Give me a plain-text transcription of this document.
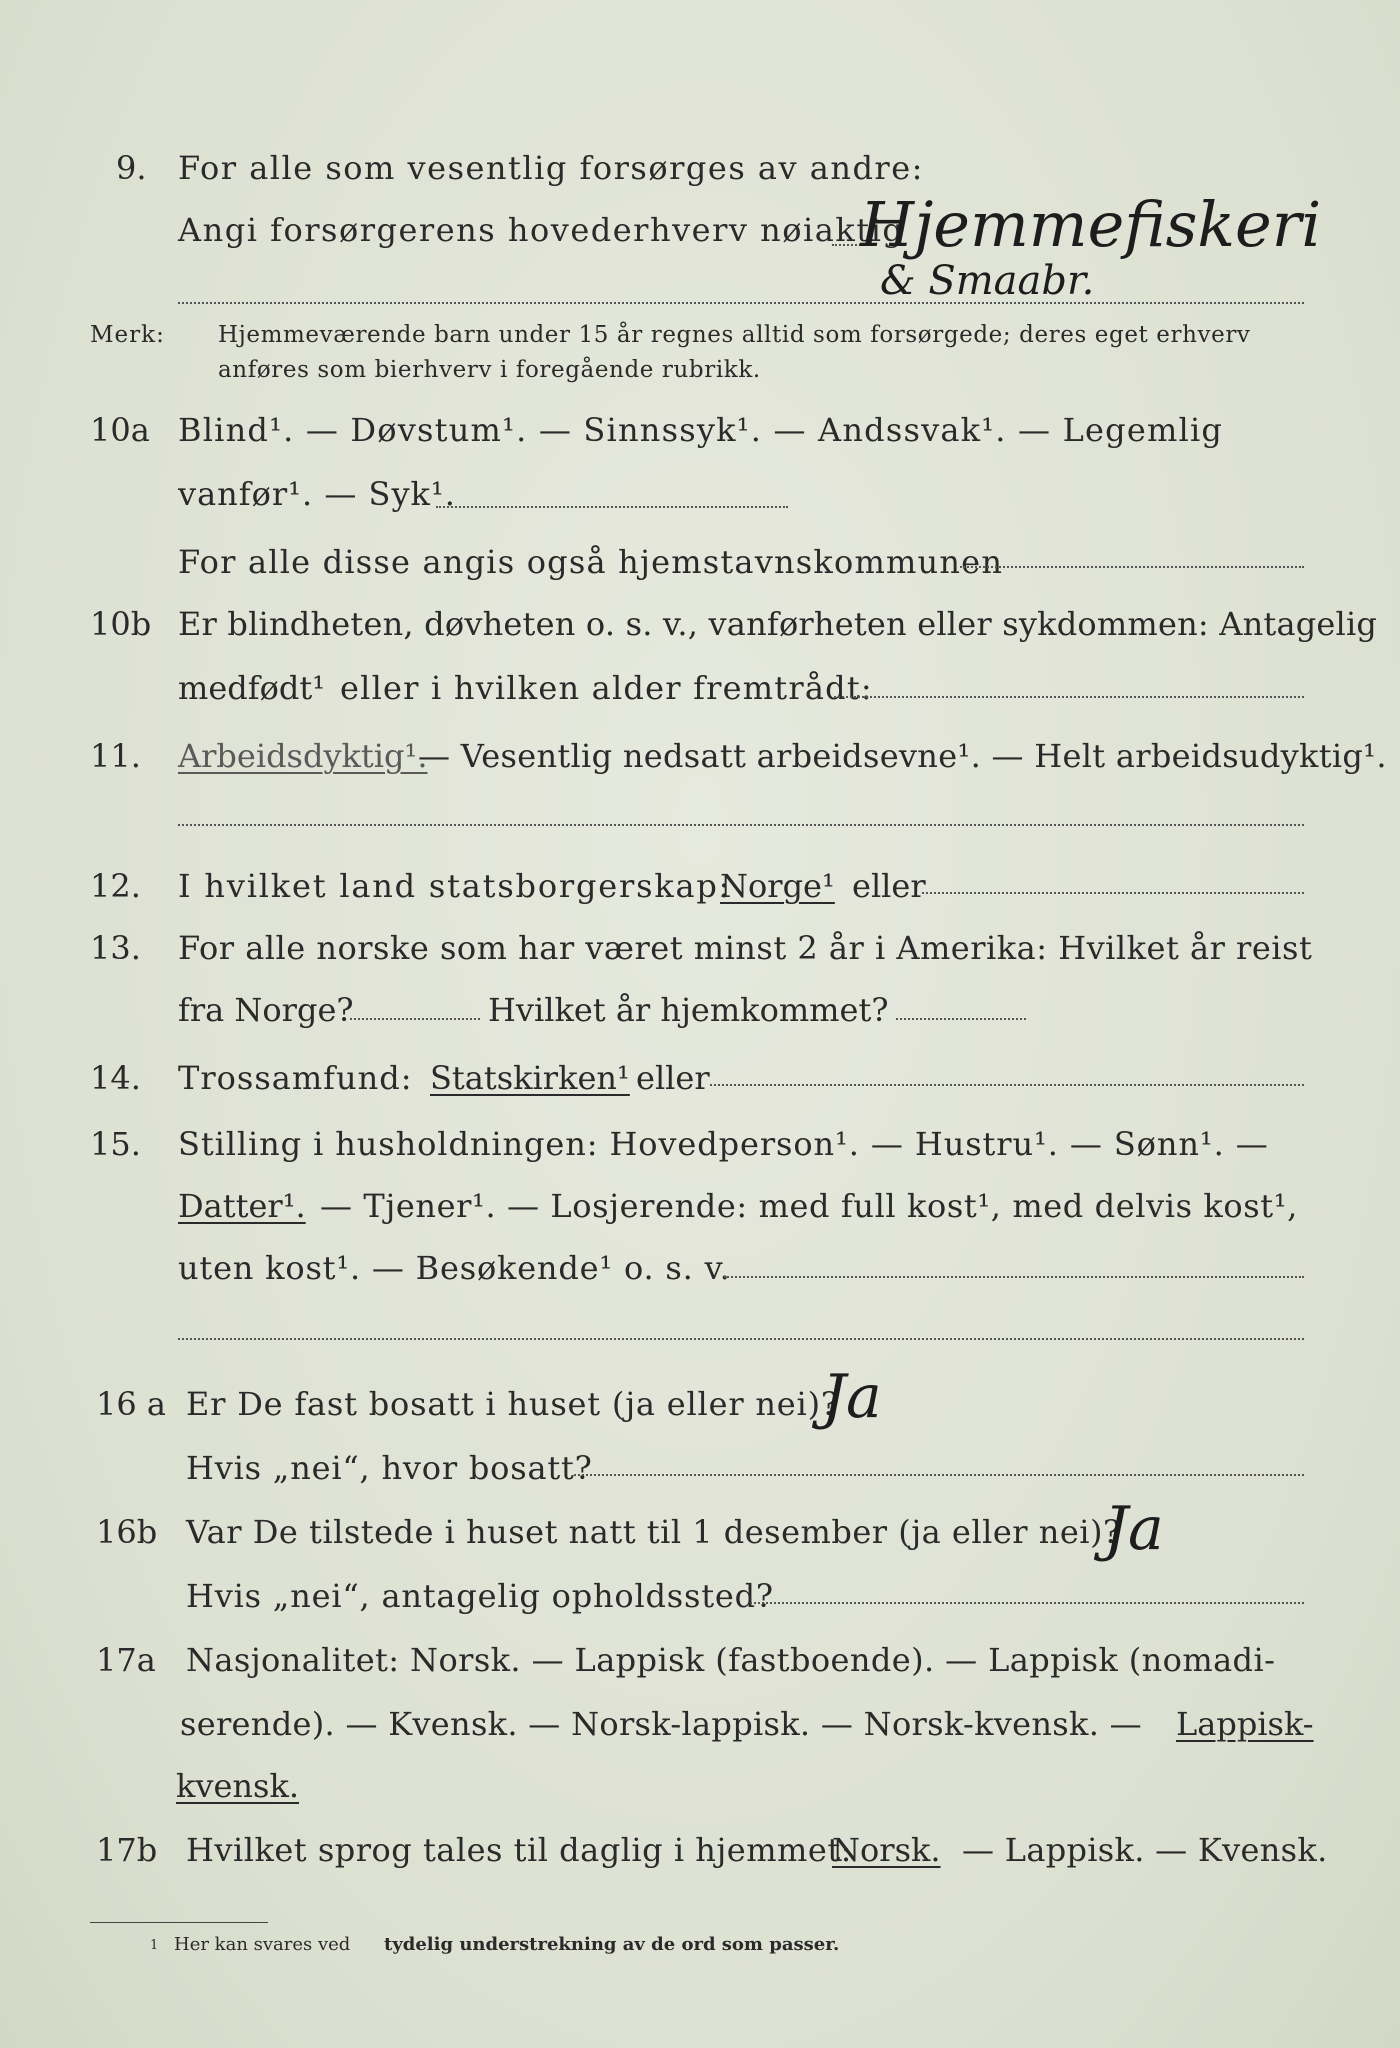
9. For alle som vesentlig forsørges av andre:
Angi forsørgerens hovederhverv nøiaktig
Hjemmefiskeri
& Smaabr.
Merk: Hjemmeværende barn under 15 år regnes alltid som forsørgede; deres eget erhverv
anføres som bierhverv i foregående rubrikk.
10a Blind¹. — Døvstum¹. — Sinnssyk¹. — Andssvak¹. — Legemlig
vanfør¹. — Syk¹.
For alle disse angis også hjemstavnskommunen
10b Er blindheten, døvheten o. s. v., vanførheten eller sykdommen: Antagelig
medfødt¹ eller i hvilken alder fremtrådt:
11. Arbeidsdyktig¹.
— Vesentlig nedsatt arbeidsevne¹. — Helt arbeidsudyktig¹.
12. I hvilket land statsborgerskap:
Norge¹ eller
13. For alle norske som har været minst 2 år i Amerika: Hvilket år reist
fra Norge?	Hvilket år hjemkommet?
14. Trossamfund: Statskirken¹ eller
15. Stilling i husholdningen: Hovedperson¹. — Hustru¹. — Sønn¹. —
Datter¹. — Tjener¹. — Losjerende: med full kost¹, med delvis kost¹,
uten kost¹. — Besøkende¹ o. s. v.
16 a Er De fast bosatt i huset (ja eller nei)?
Ja
Hvis „nei“, hvor bosatt?
16b Var De tilstede i huset natt til 1 desember (ja eller nei)?
Ja
Hvis „nei“, antagelig opholdssted?
17a Nasjonalitet: Norsk. — Lappisk (fastboende). — Lappisk (nomadi-
serende). — Kvensk. — Norsk-lappisk. — Norsk-kvensk. — Lappisk-
kvensk.
17b Hvilket sprog tales til daglig i hjemmet:
Norsk. — Lappisk. — Kvensk.
1 Her kan svares ved tydelig understrekning av de ord som passer.
